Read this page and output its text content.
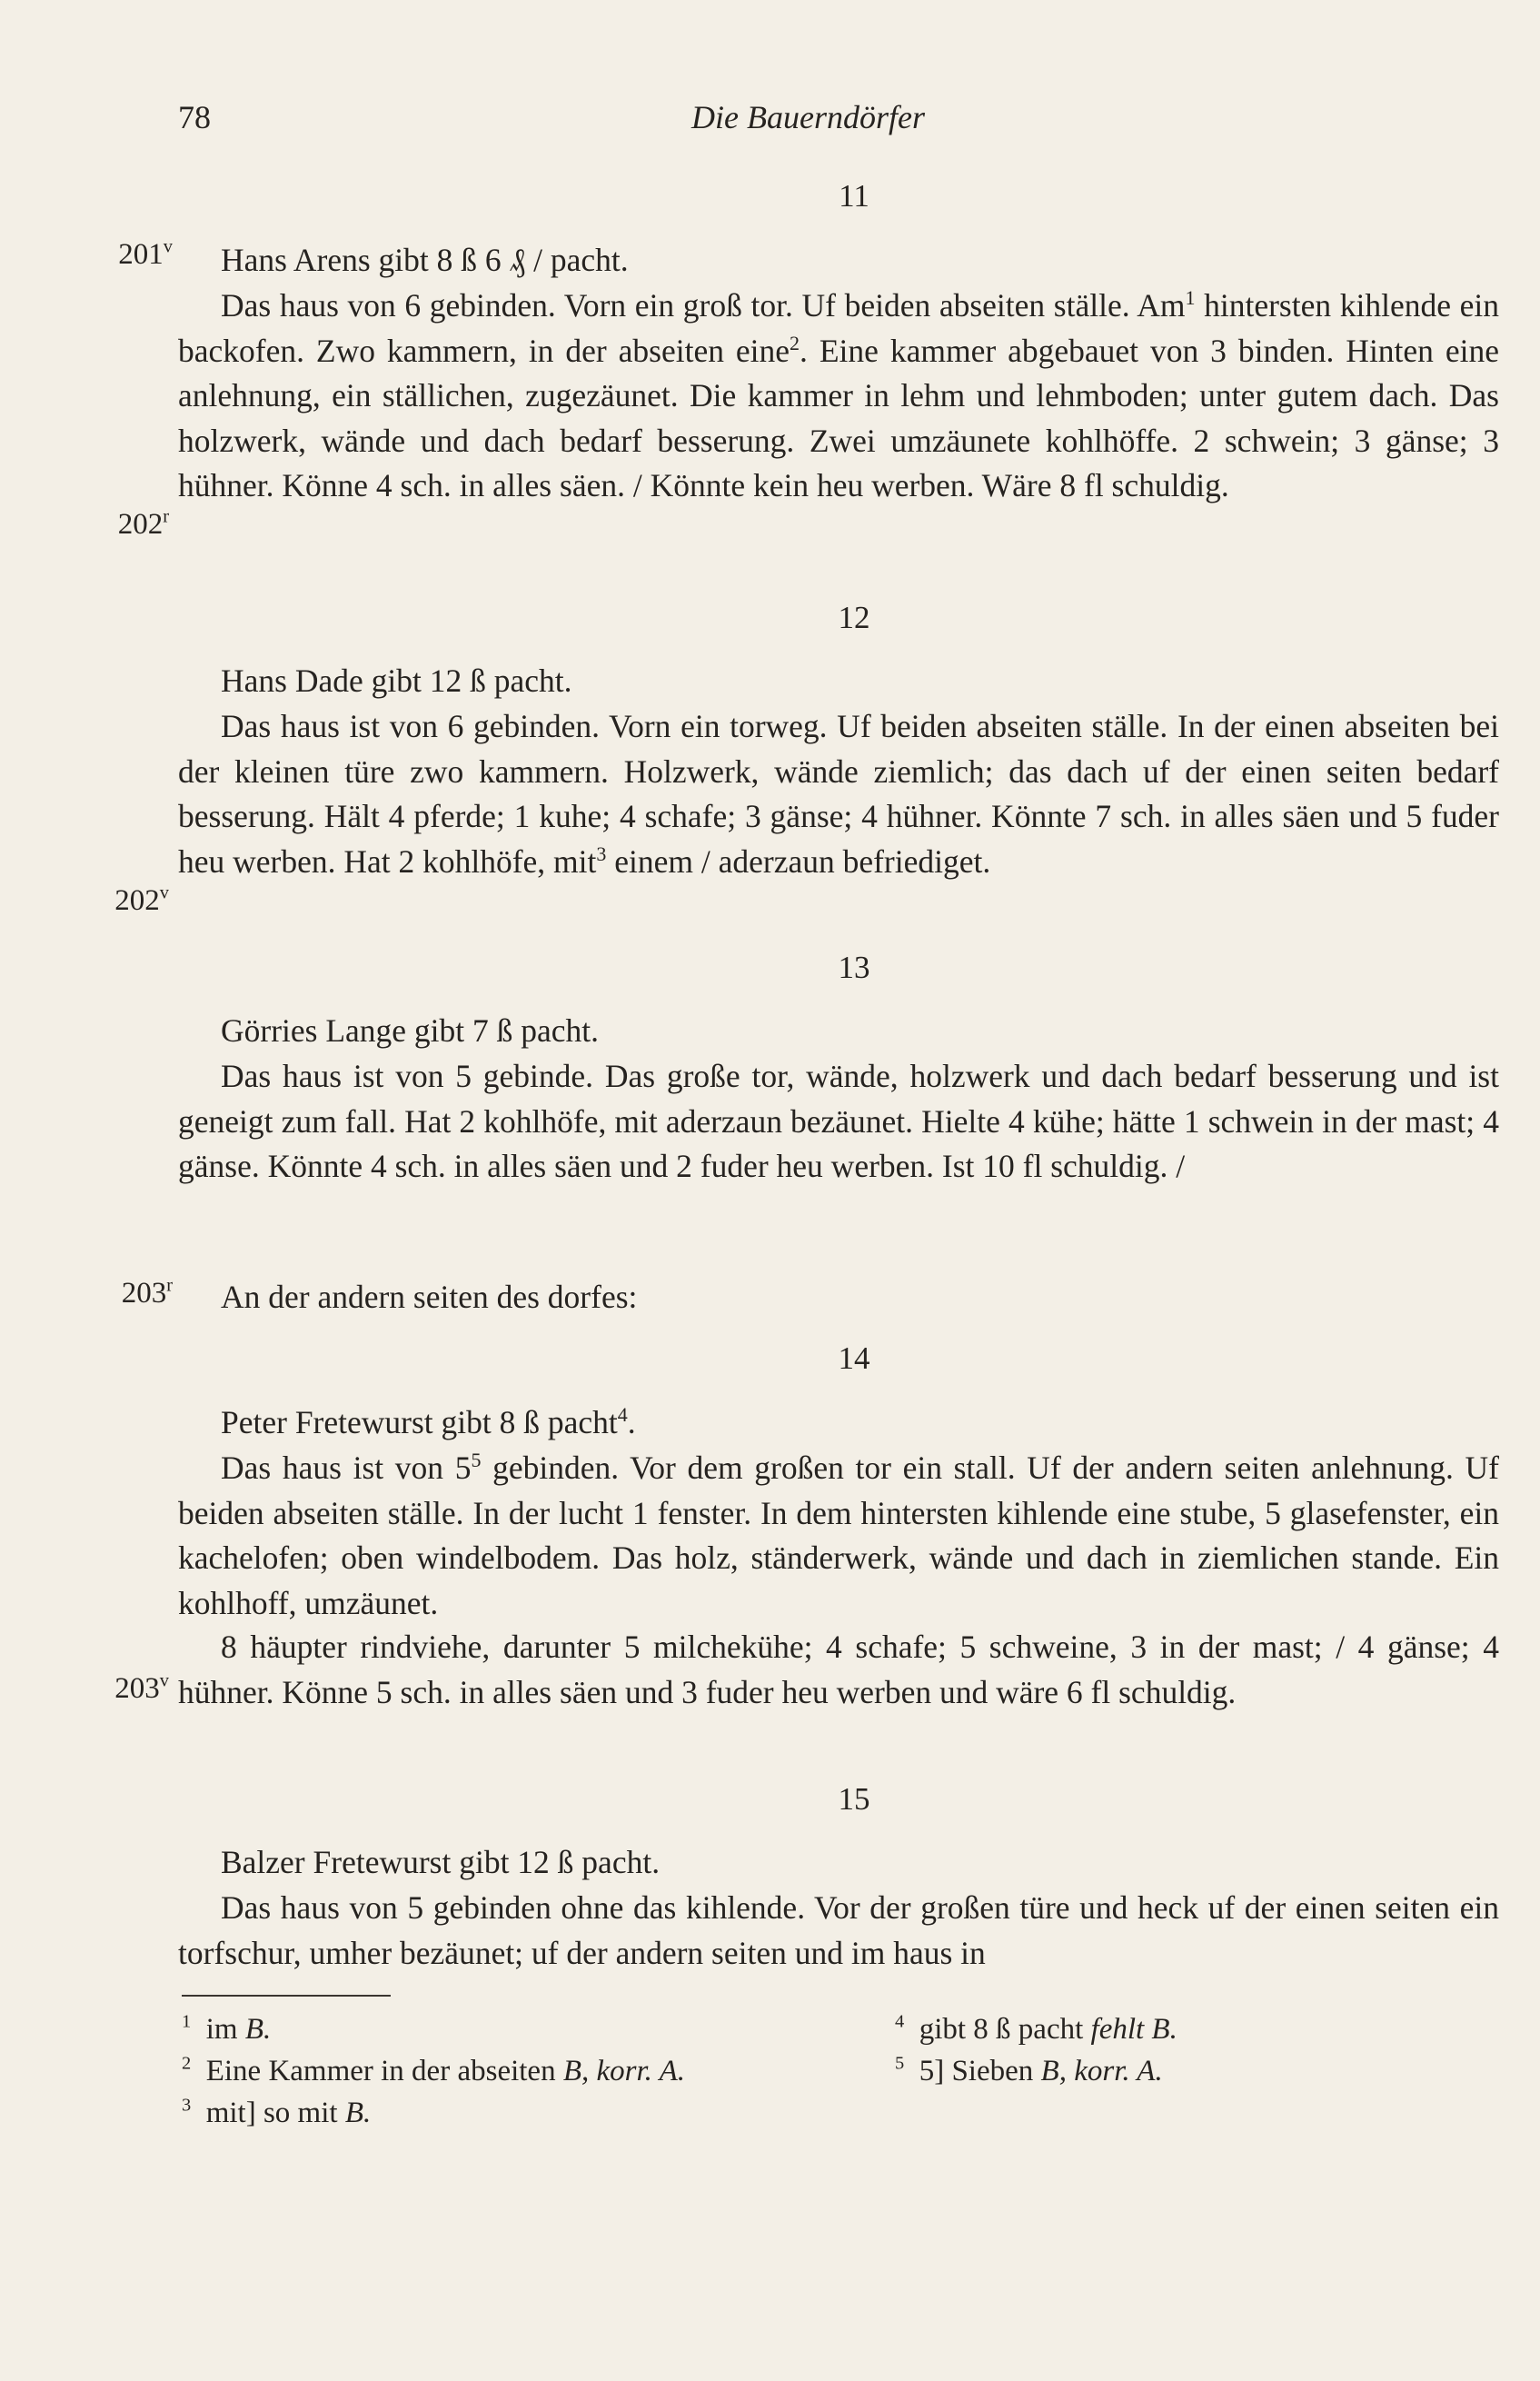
78	Die Bauerndörfer
11
201$^v$	Hans Arens gibt 8 ß 6 ₰ / pacht.

Das haus von 6 gebinden. Vorn ein groß tor. Uf beiden abseiten ställe. Am$^1$ hintersten kihlende ein backofen. Zwo kammern, in der abseiten eine$^2$. Eine kammer abgebauet von 3 binden. Hinten eine anlehnung, ein ställichen, zugezäunet. Die kammer in lehm und lehmboden; unter gutem dach. Das holzwerk, wände und dach bedarf besserung. Zwei umzäunete kohlhöffe. 2 schwein; 3 gänse; 3 hühner. Könne 4 sch. in alles säen. / Könnte kein heu werben. Wäre 8 fl schuldig.

202$^r$
12

Hans Dade gibt 12 ß pacht.

Das haus ist von 6 gebinden. Vorn ein torweg. Uf beiden abseiten ställe. In der einen abseiten bei der kleinen türe zwo kammern. Holzwerk, wände ziemlich; das dach uf der einen seiten bedarf besserung. Hält 4 pferde; 1 kuhe; 4 schafe; 3 gänse; 4 hühner. Könnte 7 sch. in alles säen und 5 fuder heu werben. Hat 2 kohlhöfe, mit$^3$ einem / aderzaun befriediget.

202$^v$
13

Görries Lange gibt 7 ß pacht.

Das haus ist von 5 gebinde. Das große tor, wände, holzwerk und dach bedarf besserung und ist geneigt zum fall. Hat 2 kohlhöfe, mit aderzaun bezäunet. Hielte 4 kühe; hätte 1 schwein in der mast; 4 gänse. Könnte 4 sch. in alles säen und 2 fuder heu werben. Ist 10 fl schuldig. /

203$^r$	An der andern seiten des dorfes:

14

Peter Fretewurst gibt 8 ß pacht$^4$.

Das haus ist von $5^5$ gebinden. Vor dem großen tor ein stall. Uf der andern seiten anlehnung. Uf beiden abseiten ställe. In der lucht 1 fenster. In dem hintersten kihlende eine stube, 5 glasefenster, ein kachelofen; oben windelbodem. Das holz, ständerwerk, wände und dach in ziemlichen stande. Ein kohlhoff, umzäunet.

8 häupter rindviehe, darunter 5 milchekühe; 4 schafe; 5 schweine, 3 in der mast; / 4 gänse; 4 hühner. Könne 5 sch. in alles säen und 3 fuder heu werben und wäre 6 fl schuldig.

203$^v$
15

Balzer Fretewurst gibt 12 ß pacht.

Das haus von 5 gebinden ohne das kihlende. Vor der großen türe und heck uf der einen seiten ein torfschur, umher bezäunet; uf der andern seiten und im haus in

$^1$ im B.
$^2$ Eine Kammer in der abseiten B, korr. A.
$^3$ mit] so mit B.
$^4$ gibt 8 ß pacht fehlt B.
$^5$ 5] Sieben B, korr. A.
